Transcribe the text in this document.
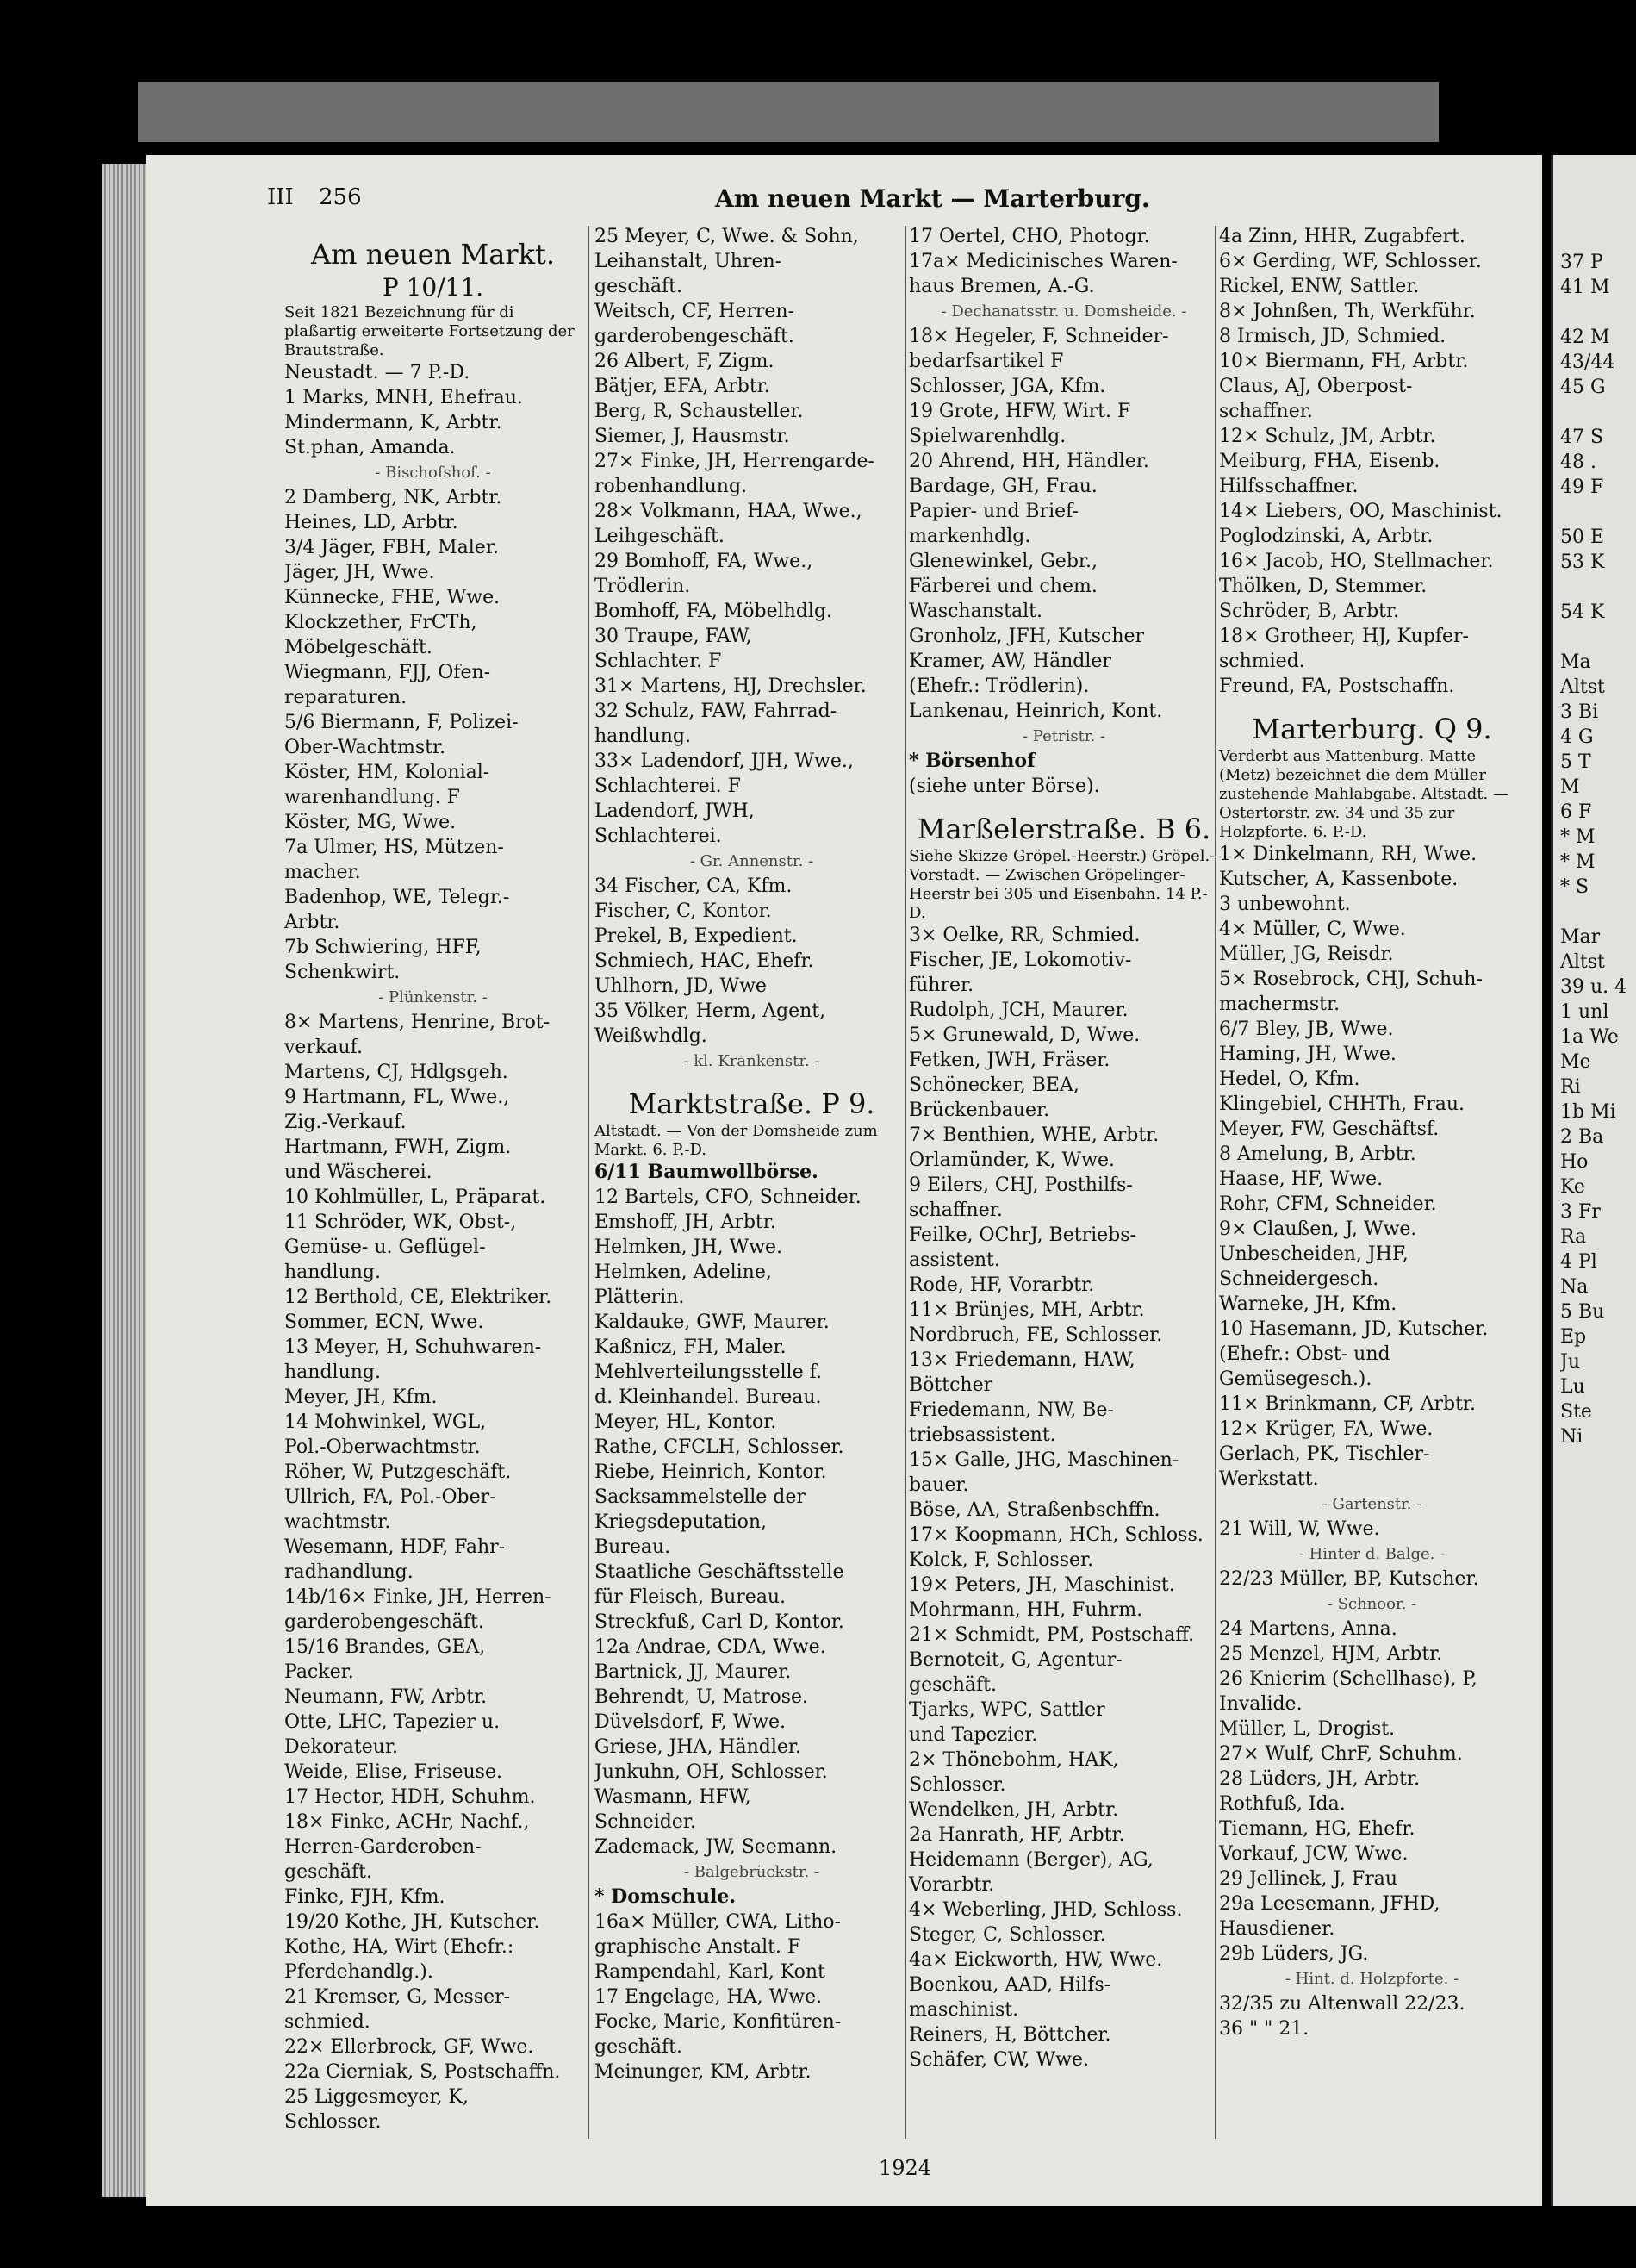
III 256	Am neuen Markt — Marterburg.
Am neuen Markt.
P 10/11.
Seit 1821 Bezeichnung für di plaßartig erweiterte Fortsetzung der Brautstraße.
Neustadt. — 7 P.-D.
1 Marks, MNH, Ehefrau.
Mindermann, K, Arbtr.
St.phan, Amanda.
- Bischofshof. -
2 Damberg, NK, Arbtr.
Heines, LD, Arbtr.
3/4 Jäger, FBH, Maler.
Jäger, JH, Wwe.
Künnecke, FHE, Wwe.
Klockzether, FrCTh,
Möbelgeschäft.
Wiegmann, FJJ, Ofen-
reparaturen.
5/6 Biermann, F, Polizei-
Ober-Wachtmstr.
Köster, HM, Kolonial-
warenhandlung. F
Köster, MG, Wwe.
7a Ulmer, HS, Mützen-
macher.
Badenhop, WE, Telegr.-
Arbtr.
7b Schwiering, HFF,
Schenkwirt.
- Plünkenstr. -
8× Martens, Henrine, Brot-
verkauf.
Martens, CJ, Hdlgsgeh.
9 Hartmann, FL, Wwe.,
Zig.-Verkauf.
Hartmann, FWH, Zigm.
und Wäscherei.
10 Kohlmüller, L, Präparat.
11 Schröder, WK, Obst-,
Gemüse- u. Geflügel-
handlung.
12 Berthold, CE, Elektriker.
Sommer, ECN, Wwe.
13 Meyer, H, Schuhwaren-
handlung.
Meyer, JH, Kfm.
14 Mohwinkel, WGL,
Pol.-Oberwachtmstr.
Röher, W, Putzgeschäft.
Ullrich, FA, Pol.-Ober-
wachtmstr.
Wesemann, HDF, Fahr-
radhandlung.
14b/16× Finke, JH, Herren-
garderobengeschäft.
15/16 Brandes, GEA,
Packer.
Neumann, FW, Arbtr.
Otte, LHC, Tapezier u.
Dekorateur.
Weide, Elise, Friseuse.
17 Hector, HDH, Schuhm.
18× Finke, ACHr, Nachf.,
Herren-Garderoben-
geschäft.
Finke, FJH, Kfm.
19/20 Kothe, JH, Kutscher.
Kothe, HA, Wirt (Ehefr.:
Pferdehandlg.).
21 Kremser, G, Messer-
schmied.
22× Ellerbrock, GF, Wwe.
22a Cierniak, S, Postschaffn.
25 Liggesmeyer, K,
Schlosser.
25 Meyer, C, Wwe. & Sohn,
Leihanstalt, Uhren-
geschäft.
Weitsch, CF, Herren-
garderobengeschäft.
26 Albert, F, Zigm.
Bätjer, EFA, Arbtr.
Berg, R, Schausteller.
Siemer, J, Hausmstr.
27× Finke, JH, Herrengarde-
robenhandlung.
28× Volkmann, HAA, Wwe.,
Leihgeschäft.
29 Bomhoff, FA, Wwe.,
Trödlerin.
Bomhoff, FA, Möbelhdlg.
30 Traupe, FAW,
Schlachter. F
31× Martens, HJ, Drechsler.
32 Schulz, FAW, Fahrrad-
handlung.
33× Ladendorf, JJH, Wwe.,
Schlachterei. F
Ladendorf, JWH,
Schlachterei.
- Gr. Annenstr. -
34 Fischer, CA, Kfm.
Fischer, C, Kontor.
Prekel, B, Expedient.
Schmiech, HAC, Ehefr.
Uhlhorn, JD, Wwe
35 Völker, Herm, Agent,
Weißwhdlg.
- kl. Krankenstr. -
Marktstraße. P 9.
Altstadt. — Von der Domsheide zum Markt. 6. P.-D.
6/11 Baumwollbörse.
12 Bartels, CFO, Schneider.
Emshoff, JH, Arbtr.
Helmken, JH, Wwe.
Helmken, Adeline,
Plätterin.
Kaldauke, GWF, Maurer.
Kaßnicz, FH, Maler.
Mehlverteilungsstelle f.
d. Kleinhandel. Bureau.
Meyer, HL, Kontor.
Rathe, CFCLH, Schlosser.
Riebe, Heinrich, Kontor.
Sacksammelstelle der
Kriegsdeputation,
Bureau.
Staatliche Geschäftsstelle
für Fleisch, Bureau.
Streckfuß, Carl D, Kontor.
12a Andrae, CDA, Wwe.
Bartnick, JJ, Maurer.
Behrendt, U, Matrose.
Düvelsdorf, F, Wwe.
Griese, JHA, Händler.
Junkuhn, OH, Schlosser.
Wasmann, HFW,
Schneider.
Zademack, JW, Seemann.
- Balgebrückstr. -
* Domschule.
16a× Müller, CWA, Litho-
graphische Anstalt. F
Rampendahl, Karl, Kont
17 Engelage, HA, Wwe.
Focke, Marie, Konfitüren-
geschäft.
Meinunger, KM, Arbtr.
17 Oertel, CHO, Photogr.
17a× Medicinisches Waren-
haus Bremen, A.-G.
- Dechanatsstr. u. Domsheide. -
18× Hegeler, F, Schneider-
bedarfsartikel F
Schlosser, JGA, Kfm.
19 Grote, HFW, Wirt. F
Spielwarenhdlg.
20 Ahrend, HH, Händler.
Bardage, GH, Frau.
Papier- und Brief-
markenhdlg.
Glenewinkel, Gebr.,
Färberei und chem.
Waschanstalt.
Gronholz, JFH, Kutscher
Kramer, AW, Händler
(Ehefr.: Trödlerin).
Lankenau, Heinrich, Kont.
- Petristr. -
* Börsenhof
(siehe unter Börse).
Marßelerstraße. B 6.
Siehe Skizze Gröpel.-Heerstr.) Gröpel.-Vorstadt. — Zwischen Gröpelinger-Heerstr bei 305 und Eisenbahn. 14 P.-D.
3× Oelke, RR, Schmied.
Fischer, JE, Lokomotiv-
führer.
Rudolph, JCH, Maurer.
5× Grunewald, D, Wwe.
Fetken, JWH, Fräser.
Schönecker, BEA,
Brückenbauer.
7× Benthien, WHE, Arbtr.
Orlamünder, K, Wwe.
9 Eilers, CHJ, Posthilfs-
schaffner.
Feilke, OChrJ, Betriebs-
assistent.
Rode, HF, Vorarbtr.
11× Brünjes, MH, Arbtr.
Nordbruch, FE, Schlosser.
13× Friedemann, HAW,
Böttcher
Friedemann, NW, Be-
triebsassistent.
15× Galle, JHG, Maschinen-
bauer.
Böse, AA, Straßenbschffn.
17× Koopmann, HCh, Schloss.
Kolck, F, Schlosser.
19× Peters, JH, Maschinist.
Mohrmann, HH, Fuhrm.
21× Schmidt, PM, Postschaff.
Bernoteit, G, Agentur-
geschäft.
Tjarks, WPC, Sattler
und Tapezier.
2× Thönebohm, HAK,
Schlosser.
Wendelken, JH, Arbtr.
2a Hanrath, HF, Arbtr.
Heidemann (Berger), AG,
Vorarbtr.
4× Weberling, JHD, Schloss.
Steger, C, Schlosser.
4a× Eickworth, HW, Wwe.
Boenkou, AAD, Hilfs-
maschinist.
Reiners, H, Böttcher.
Schäfer, CW, Wwe.
4a Zinn, HHR, Zugabfert.
6× Gerding, WF, Schlosser.
Rickel, ENW, Sattler.
8× Johnßen, Th, Werkführ.
8 Irmisch, JD, Schmied.
10× Biermann, FH, Arbtr.
Claus, AJ, Oberpost-
schaffner.
12× Schulz, JM, Arbtr.
Meiburg, FHA, Eisenb.
Hilfsschaffner.
14× Liebers, OO, Maschinist.
Poglodzinski, A, Arbtr.
16× Jacob, HO, Stellmacher.
Thölken, D, Stemmer.
Schröder, B, Arbtr.
18× Grotheer, HJ, Kupfer-
schmied.
Freund, FA, Postschaffn.
Marterburg. Q 9.
Verderbt aus Mattenburg. Matte (Metz) bezeichnet die dem Müller zustehende Mahlabgabe. Altstadt. — Ostertorstr. zw. 34 und 35 zur Holzpforte. 6. P.-D.
1× Dinkelmann, RH, Wwe.
Kutscher, A, Kassenbote.
3 unbewohnt.
4× Müller, C, Wwe.
Müller, JG, Reisdr.
5× Rosebrock, CHJ, Schuh-
machermstr.
6/7 Bley, JB, Wwe.
Haming, JH, Wwe.
Hedel, O, Kfm.
Klingebiel, CHHTh, Frau.
Meyer, FW, Geschäftsf.
8 Amelung, B, Arbtr.
Haase, HF, Wwe.
Rohr, CFM, Schneider.
9× Claußen, J, Wwe.
Unbescheiden, JHF,
Schneidergesch.
Warneke, JH, Kfm.
10 Hasemann, JD, Kutscher.
(Ehefr.: Obst- und
Gemüsegesch.).
11× Brinkmann, CF, Arbtr.
12× Krüger, FA, Wwe.
Gerlach, PK, Tischler-
Werkstatt.
- Gartenstr. -
21 Will, W, Wwe.
- Hinter d. Balge. -
22/23 Müller, BP, Kutscher.
- Schnoor. -
24 Martens, Anna.
25 Menzel, HJM, Arbtr.
26 Knierim (Schellhase), P,
Invalide.
Müller, L, Drogist.
27× Wulf, ChrF, Schuhm.
28 Lüders, JH, Arbtr.
Rothfuß, Ida.
Tiemann, HG, Ehefr.
Vorkauf, JCW, Wwe.
29 Jellinek, J, Frau
29a Leesemann, JFHD,
Hausdiener.
29b Lüders, JG.
- Hint. d. Holzpforte. -
32/35 zu Altenwall 22/23.
36 " " 21.
1924
37 P
41 M

42 M
43/44
45 G

47 S
48 .
49 F

50 E
53 K

54 K

Ma
Altst
3 Bi
4 G
5 T
M
6 F
* M
* M
* S

Mar
Altst
39 u. 4
1 unl
1a We
Me
Ri
1b Mi
2 Ba
Ho
Ke
3 Fr
Ra
4 Pl
Na
5 Bu
Ep
Ju
Lu
Ste
Ni
